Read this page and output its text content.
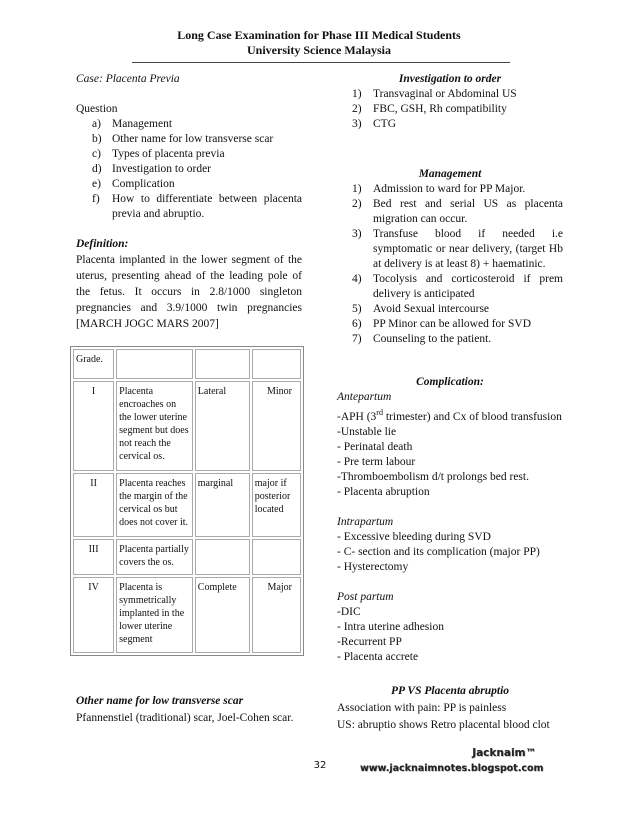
Long Case Examination for Phase III Medical Students
University Science Malaysia
Case: Placenta Previa
Question
a) Management
b) Other name for low transverse scar
c) Types of placenta previa
d) Investigation to order
e) Complication
f)	How to differentiate between placenta previa and abruptio.
Definition:
Placenta implanted in the lower segment of the uterus, presenting ahead of the leading pole of the fetus. It occurs in 2.8/1000 singleton pregnancies and 3.9/1000 twin pregnancies [MARCH JOGC MARS 2007]
Grade.			
I	Placenta encroaches on the lower uterine segment but does not reach the cervical os.	Lateral	Minor
II	Placenta reaches the margin of the cervical os but does not cover it.	marginal	major if posterior located
III	Placenta partially covers the os.		
IV	Placenta is symmetrically implanted in the lower uterine segment	Complete	Major
Other name for low transverse scar
Pfannenstiel (traditional) scar, Joel-Cohen scar.
Investigation to order
1) Transvaginal or Abdominal US
2) FBC, GSH, Rh compatibility
3) CTG
Management
1) Admission to ward for PP Major.
2) Bed rest and serial US as placenta migration can occur.
3) Transfuse blood if needed i.e symptomatic or near delivery, (target Hb at delivery is at least 8) + haematinic.
4) Tocolysis and corticosteroid if prem delivery is anticipated
5) Avoid Sexual intercourse
6) PP Minor can be allowed for SVD
7) Counseling to the patient.
Complication:
Antepartum
-APH (3rd trimester) and Cx of blood transfusion
-Unstable lie
- Perinatal death
- Pre term labour
-Thromboembolism d/t prolongs bed rest.
- Placenta abruption
Intrapartum
- Excessive bleeding during SVD
- C- section and its complication (major PP)
- Hysterectomy
Post partum
-DIC
- Intra uterine adhesion
-Recurrent PP
- Placenta accrete
PP VS Placenta abruptio
Association with pain: PP is painless
US: abruptio shows Retro placental blood clot
32
Jacknaim™
www.jacknaimnotes.blogspot.com
